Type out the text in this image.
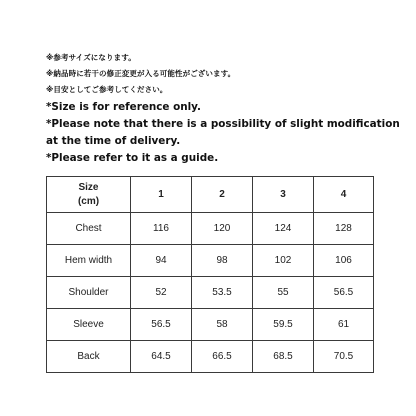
※参考サイズになります。
※納品時に若干の修正変更が入る可能性がございます。
※目安としてご参考してください。
*Size is for reference only.
*Please note that there is a possibility of slight modification
at the time of delivery.
*Please refer to it as a guide.
Size
(cm)	1	2	3	4
Chest	116	120	124	128
Hem width	94	98	102	106
Shoulder	52	53.5	55	56.5
Sleeve	56.5	58	59.5	61
Back	64.5	66.5	68.5	70.5
